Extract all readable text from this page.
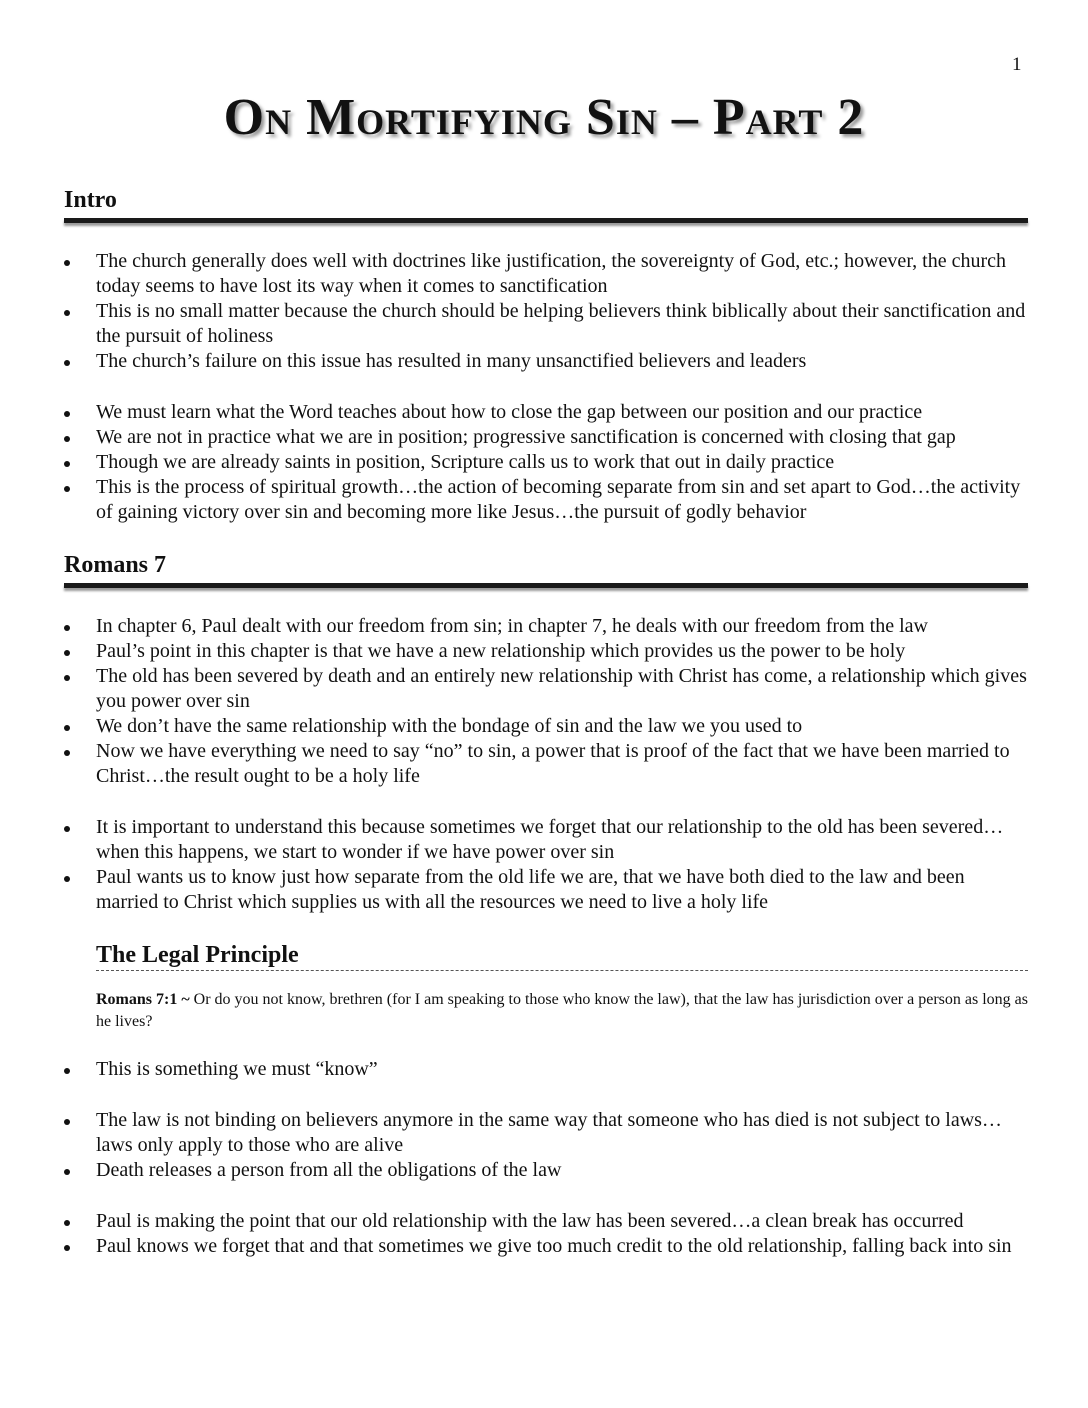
1
On Mortifying Sin – Part 2
Intro
The church generally does well with doctrines like justification, the sovereignty of God, etc.; however, the church today seems to have lost its way when it comes to sanctification
This is no small matter because the church should be helping believers think biblically about their sanctification and the pursuit of holiness
The church’s failure on this issue has resulted in many unsanctified believers and leaders
We must learn what the Word teaches about how to close the gap between our position and our practice
We are not in practice what we are in position; progressive sanctification is concerned with closing that gap
Though we are already saints in position, Scripture calls us to work that out in daily practice
This is the process of spiritual growth…the action of becoming separate from sin and set apart to God…the activity of gaining victory over sin and becoming more like Jesus…the pursuit of godly behavior
Romans 7
In chapter 6, Paul dealt with our freedom from sin; in chapter 7, he deals with our freedom from the law
Paul’s point in this chapter is that we have a new relationship which provides us the power to be holy
The old has been severed by death and an entirely new relationship with Christ has come, a relationship which gives you power over sin
We don’t have the same relationship with the bondage of sin and the law we you used to
Now we have everything we need to say “no” to sin, a power that is proof of the fact that we have been married to Christ…the result ought to be a holy life
It is important to understand this because sometimes we forget that our relationship to the old has been severed…when this happens, we start to wonder if we have power over sin
Paul wants us to know just how separate from the old life we are, that we have both died to the law and been married to Christ which supplies us with all the resources we need to live a holy life
The Legal Principle

Romans 7:1 ~ Or do you not know, brethren (for I am speaking to those who know the law), that the law has jurisdiction over a person as long as he lives?

This is something we must “know”
The law is not binding on believers anymore in the same way that someone who has died is not subject to laws…laws only apply to those who are alive
Death releases a person from all the obligations of the law
Paul is making the point that our old relationship with the law has been severed…a clean break has occurred
Paul knows we forget that and that sometimes we give too much credit to the old relationship, falling back into sin
